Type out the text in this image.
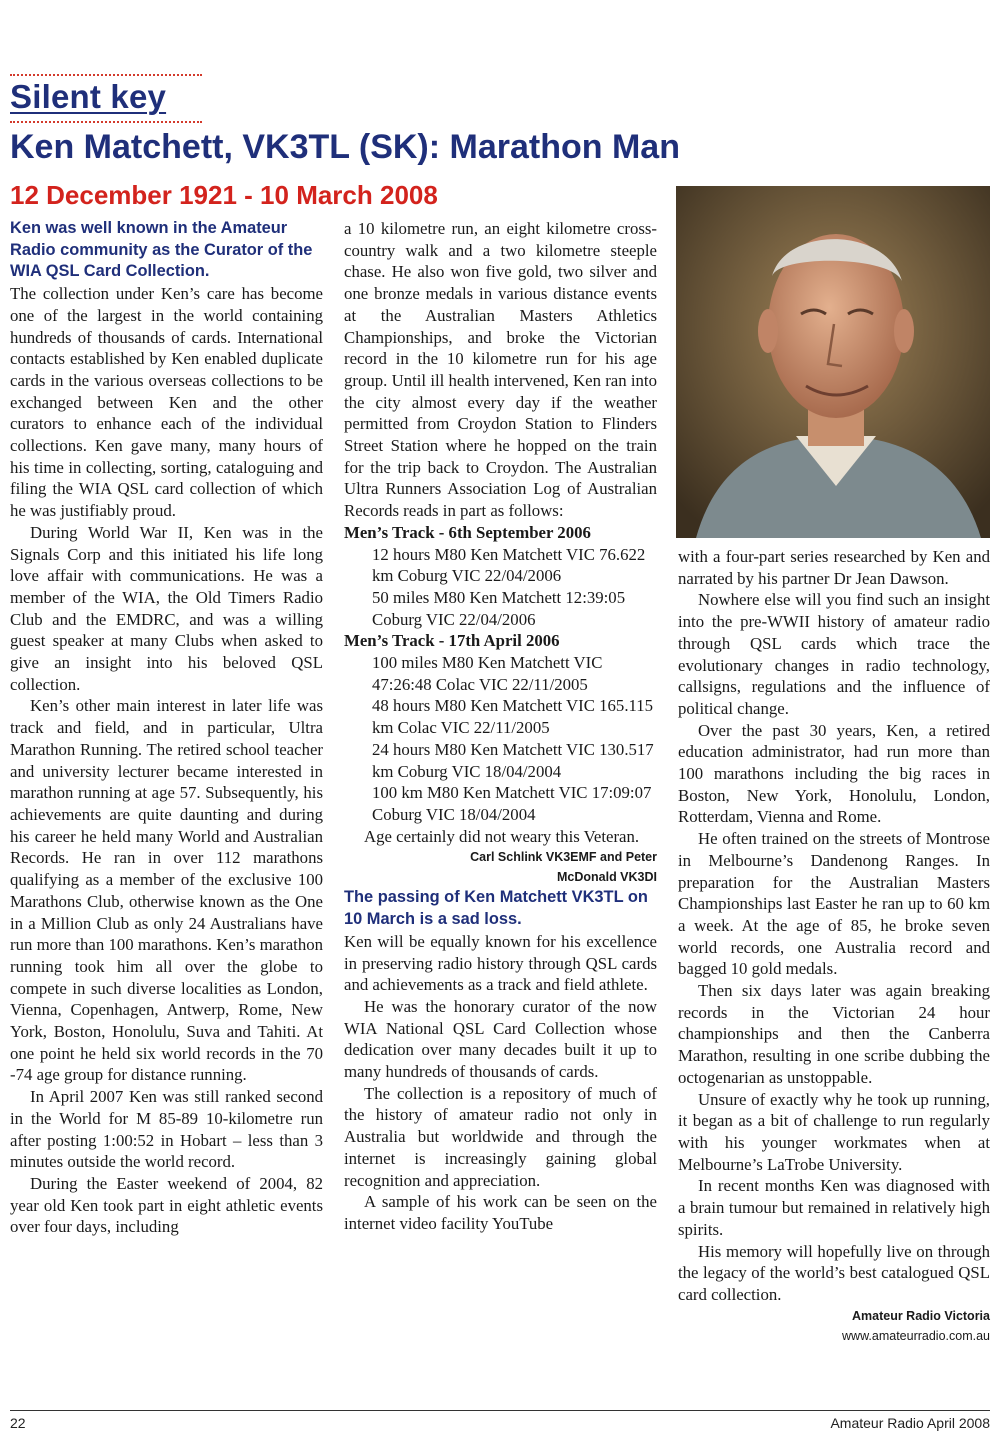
Silent key
Ken Matchett, VK3TL (SK): Marathon Man
12 December 1921 - 10 March 2008

Ken was well known in the Amateur Radio community as the Curator of the WIA QSL Card Collection.

The collection under Ken’s care has become one of the largest in the world containing hundreds of thousands of cards. International contacts established by Ken enabled duplicate cards in the various overseas collections to be exchanged between Ken and the other curators to enhance each of the individual collections. Ken gave many, many hours of his time in collecting, sorting, cataloguing and filing the WIA QSL card collection of which he was justifiably proud.

During World War II, Ken was in the Signals Corp and this initiated his life long love affair with communications. He was a member of the WIA, the Old Timers Radio Club and the EMDRC, and was a willing guest speaker at many Clubs when asked to give an insight into his beloved QSL collection.

Ken’s other main interest in later life was track and field, and in particular, Ultra Marathon Running. The retired school teacher and university lecturer became interested in marathon running at age 57. Subsequently, his achievements are quite daunting and during his career he held many World and Australian Records. He ran in over 112 marathons qualifying as a member of the exclusive 100 Marathons Club, otherwise known as the One in a Million Club as only 24 Australians have run more than 100 marathons. Ken’s marathon running took him all over the globe to compete in such diverse localities as London, Vienna, Copenhagen, Antwerp, Rome, New York, Boston, Honolulu, Suva and Tahiti. At one point he held six world records in the 70 -74 age group for distance running.

In April 2007 Ken was still ranked second in the World for M 85-89 10-kilometre run after posting 1:00:52 in Hobart – less than 3 minutes outside the world record.

During the Easter weekend of 2004, 82 year old Ken took part in eight athletic events over four days, including

a 10 kilometre run, an eight kilometre cross-country walk and a two kilometre steeple chase. He also won five gold, two silver and one bronze medals in various distance events at the Australian Masters Athletics Championships, and broke the Victorian record in the 10 kilometre run for his age group. Until ill health intervened, Ken ran into the city almost every day if the weather permitted from Croydon Station to Flinders Street Station where he hopped on the train for the trip back to Croydon. The Australian Ultra Runners Association Log of Australian Records reads in part as follows:

Men’s Track - 6th September 2006

12 hours M80 Ken Matchett VIC 76.622 km Coburg VIC 22/04/2006

50 miles M80 Ken Matchett 12:39:05 Coburg VIC 22/04/2006

Men’s Track - 17th April 2006

100 miles M80 Ken Matchett VIC 47:26:48 Colac VIC 22/11/2005

48 hours M80 Ken Matchett VIC 165.115 km Colac VIC 22/11/2005

24 hours M80 Ken Matchett VIC 130.517 km Coburg VIC 18/04/2004

100 km M80 Ken Matchett VIC 17:09:07 Coburg VIC 18/04/2004

Age certainly did not weary this Veteran.

Carl Schlink VK3EMF and Peter

McDonald VK3DI

The passing of Ken Matchett VK3TL on 10 March is a sad loss.

Ken will be equally known for his excellence in preserving radio history through QSL cards and achievements as a track and field athlete.

He was the honorary curator of the now WIA National QSL Card Collection whose dedication over many decades built it up to many hundreds of thousands of cards.

The collection is a repository of much of the history of amateur radio not only in Australia but worldwide and through the internet is increasingly gaining global recognition and appreciation.

A sample of his work can be seen on the internet video facility YouTube

with a four-part series researched by Ken and narrated by his partner Dr Jean Dawson.

Nowhere else will you find such an insight into the pre-WWII history of amateur radio through QSL cards which trace the evolutionary changes in radio technology, callsigns, regulations and the influence of political change.

Over the past 30 years, Ken, a retired education administrator, had run more than 100 marathons including the big races in Boston, New York, Honolulu, London, Rotterdam, Vienna and Rome.

He often trained on the streets of Montrose in Melbourne’s Dandenong Ranges. In preparation for the Australian Masters Championships last Easter he ran up to 60 km a week. At the age of 85, he broke seven world records, one Australia record and bagged 10 gold medals.

Then six days later was again breaking records in the Victorian 24 hour championships and then the Canberra Marathon, resulting in one scribe dubbing the octogenarian as unstoppable.

Unsure of exactly why he took up running, it began as a bit of challenge to run regularly with his younger workmates when at Melbourne’s LaTrobe University.

In recent months Ken was diagnosed with a brain tumour but remained in relatively high spirits.

His memory will hopefully live on through the legacy of the world’s best catalogued QSL card collection.

Amateur Radio Victoria

www.amateurradio.com.au

22	Amateur Radio April 2008
